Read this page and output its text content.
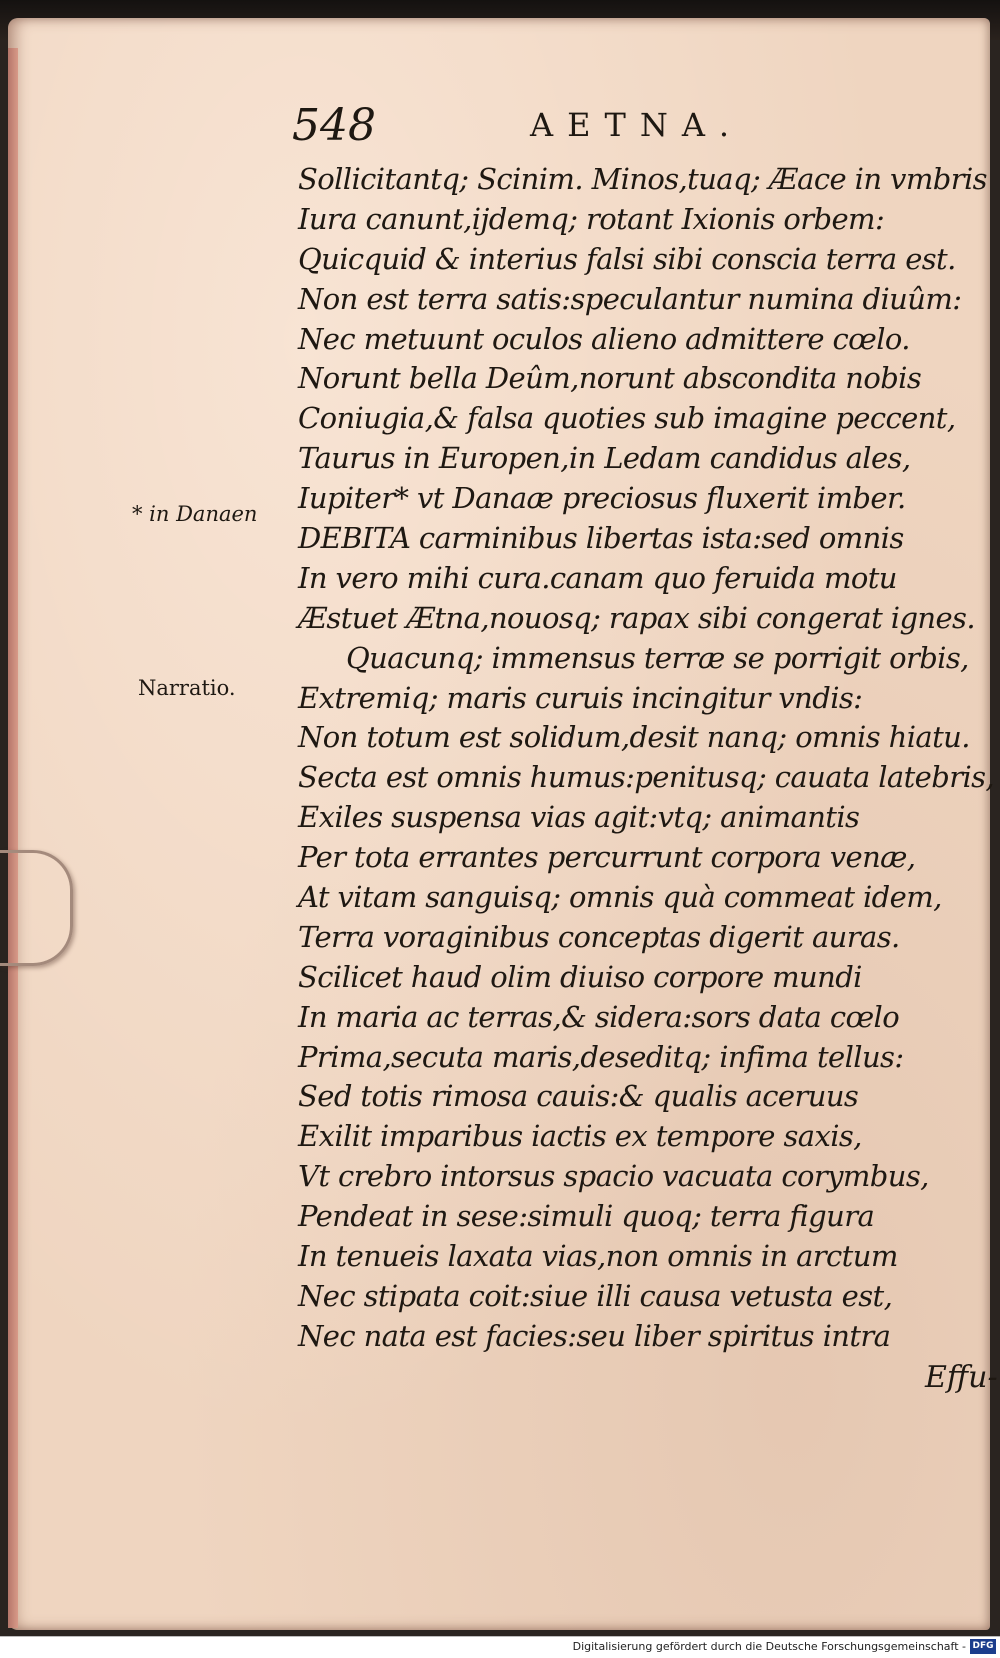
548	AETNA.
Sollicitantq; Scinim. Minos,tuaq; Æace in vmbris
Iura canunt,ijdemq; rotant Ixionis orbem:
Quicquid & interius falsi sibi conscia terra est.
Non est terra satis:speculantur numina diuûm:
Nec metuunt oculos alieno admittere cœlo.
Norunt bella Deûm,norunt abscondita nobis
Coniugia,& falsa quoties sub imagine peccent,
Taurus in Europen,in Ledam candidus ales,
Iupiter* vt Danaæ preciosus fluxerit imber.
DEBITA carminibus libertas ista:sed omnis
In vero mihi cura.canam quo feruida motu
Æstuet Ætna,nouosq; rapax sibi congerat ignes.
Quacunq; immensus terræ se porrigit orbis,
Extremiq; maris curuis incingitur vndis:
Non totum est solidum,desit nanq; omnis hiatu.
Secta est omnis humus:penitusq; cauata latebris,
Exiles suspensa vias agit:vtq; animantis
Per tota errantes percurrunt corpora venæ,
At vitam sanguisq; omnis quà commeat idem,
Terra voraginibus conceptas digerit auras.
Scilicet haud olim diuiso corpore mundi
In maria ac terras,& sidera:sors data cœlo
Prima,secuta maris,deseditq; infima tellus:
Sed totis rimosa cauis:& qualis aceruus
Exilit imparibus iactis ex tempore saxis,
Vt crebro intorsus spacio vacuata corymbus,
Pendeat in sese:simuli quoq; terra figura
In tenueis laxata vias,non omnis in arctum
Nec stipata coit:siue illi causa vetusta est,
Nec nata est facies:seu liber spiritus intra
* in Danaen
Narratio.
Effu-
Digitalisierung gefördert durch die Deutsche Forschungsgemeinschaft - DFG
